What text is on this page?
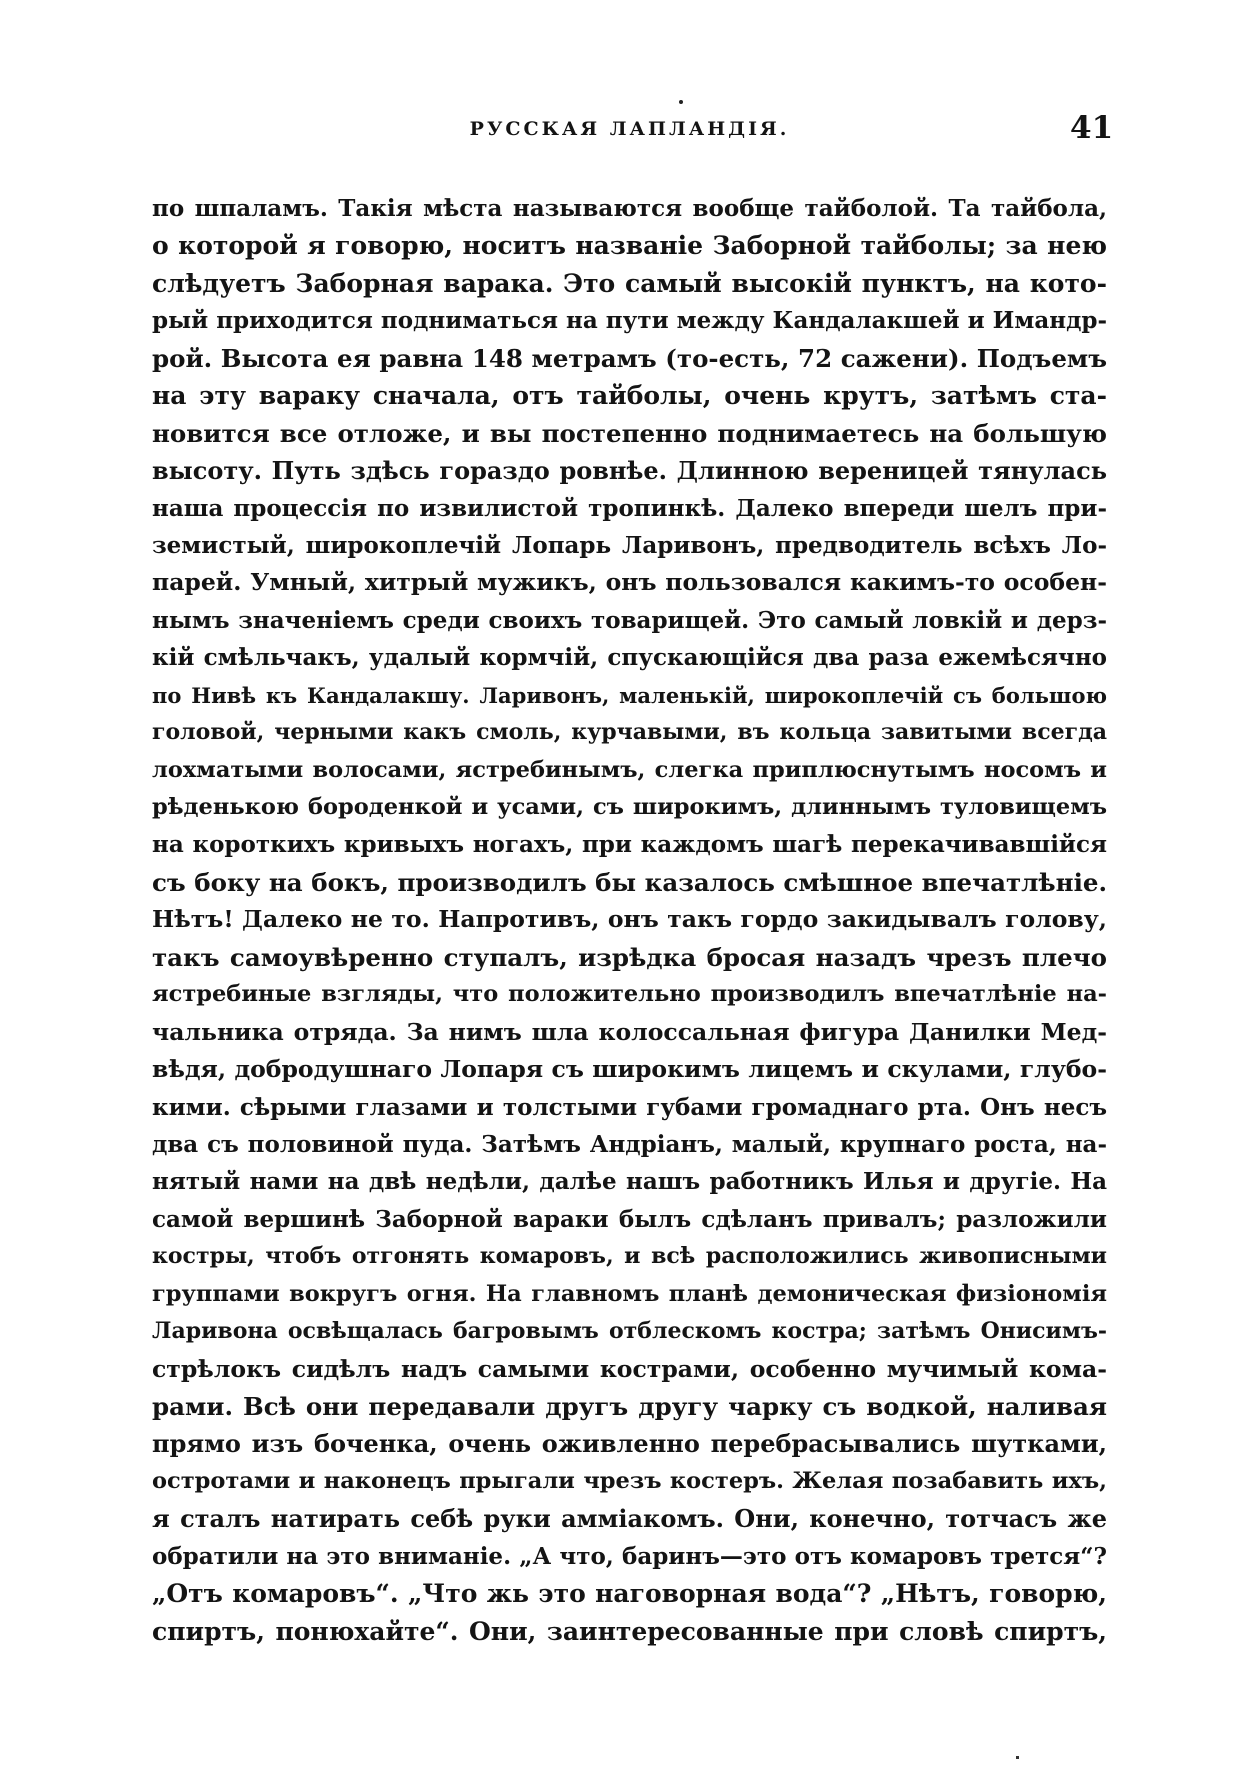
РУССКАЯ ЛАПЛАНДІЯ.	41
по шпаламъ. Такія мѣста называются вообще тайболой. Та тайбола,
о которой я говорю, носитъ названіе Заборной тайболы; за нею
слѣдуетъ Заборная варака. Это самый высокій пунктъ, на кото-
рый приходится подниматься на пути между Кандалакшей и Имандр-
рой. Высота ея равна 148 метрамъ (то-есть, 72 сажени). Подъемъ
на эту вараку сначала, отъ тайболы, очень крутъ, затѣмъ ста-
новится все отложе, и вы постепенно поднимаетесь на большую
высоту. Путь здѣсь гораздо ровнѣе. Длинною вереницей тянулась
наша процессія по извилистой тропинкѣ. Далеко впереди шелъ при-
земистый, широкоплечій Лопарь Ларивонъ, предводитель всѣхъ Ло-
парей. Умный, хитрый мужикъ, онъ пользовался какимъ-то особен-
нымъ значеніемъ среди своихъ товарищей. Это самый ловкій и дерз-
кій смѣльчакъ, удалый кормчій, спускающійся два раза ежемѣсячно
по Нивѣ къ Кандалакшу. Ларивонъ, маленькій, широкоплечій съ большою
головой, черными какъ смоль, курчавыми, въ кольца завитыми всегда
лохматыми волосами, ястребинымъ, слегка приплюснутымъ носомъ и
рѣденькою бороденкой и усами, съ широкимъ, длиннымъ туловищемъ
на короткихъ кривыхъ ногахъ, при каждомъ шагѣ перекачивавшійся
съ боку на бокъ, производилъ бы казалось смѣшное впечатлѣніе.
Нѣтъ! Далеко не то. Напротивъ, онъ такъ гордо закидывалъ голову,
такъ самоувѣренно ступалъ, изрѣдка бросая назадъ чрезъ плечо
ястребиные взгляды, что положительно производилъ впечатлѣніе на-
чальника отряда. За нимъ шла колоссальная фигура Данилки Мед-
вѣдя, добродушнаго Лопаря съ широкимъ лицемъ и скулами, глубо-
кими. сѣрыми глазами и толстыми губами громаднаго рта. Онъ несъ
два съ половиной пуда. Затѣмъ Андріанъ, малый, крупнаго роста, на-
нятый нами на двѣ недѣли, далѣе нашъ работникъ Илья и другіе. На
самой вершинѣ Заборной вараки былъ сдѣланъ привалъ; разложили
костры, чтобъ отгонять комаровъ, и всѣ расположились живописными
группами вокругъ огня. На главномъ планѣ демоническая физіономія
Ларивона освѣщалась багровымъ отблескомъ костра; затѣмъ Онисимъ-
стрѣлокъ сидѣлъ надъ самыми кострами, особенно мучимый кома-
рами. Всѣ они передавали другъ другу чарку съ водкой, наливая
прямо изъ боченка, очень оживленно перебрасывались шутками,
остротами и наконецъ прыгали чрезъ костеръ. Желая позабавить ихъ,
я сталъ натирать себѣ руки амміакомъ. Они, конечно, тотчасъ же
обратили на это вниманіе. „А что, баринъ—это отъ комаровъ трется“?
„Отъ комаровъ“. „Что жь это наговорная вода“? „Нѣтъ, говорю,
спиртъ, понюхайте“. Они, заинтересованные при словѣ спиртъ,
